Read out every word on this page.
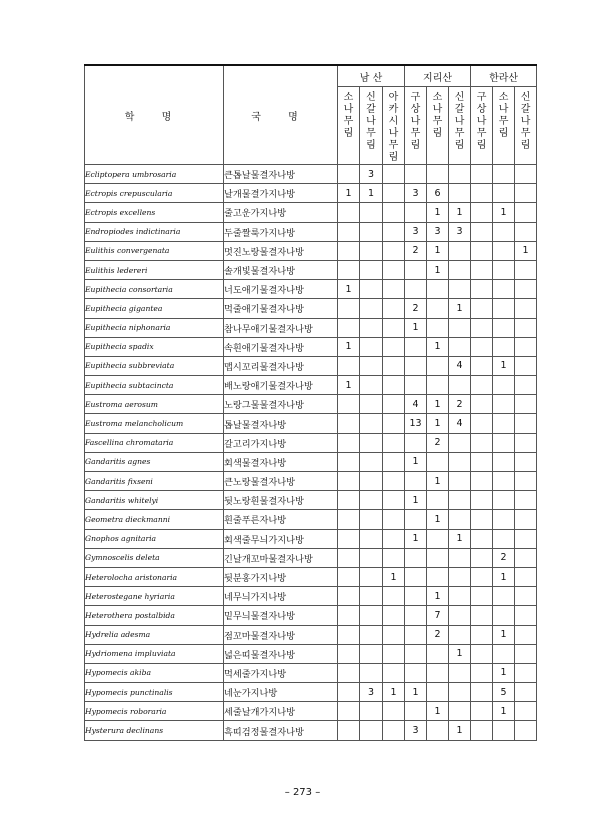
학 명	국 명	남 산			지리산			한라산		
		소나무림	신갈나무림	아카시나무림	구상나무림	소나무림	신갈나무림	구상나무림	소나무림	신갈나무림
Ecliptopera umbrosaria	큰톱날물결자나방		3							
Ectropis crepuscularia	날개물결가지나방	1	1		3	6				
Ectropis excellens	줄고운가지나방					1	1		1	
Endropiodes indictinaria	두줄짤룩가지나방				3	3	3			
Eulithis convergenata	멋진노랑물결자나방				2	1				1
Eulithis ledereri	솔개빛물결자나방					1				
Eupithecia consortaria	너도애기물결자나방	1								
Eupithecia gigantea	먹줄애기물결자나방				2		1			
Eupithecia niphonaria	참나무애기물결자나방				1					
Eupithecia spadix	속흰애기물결자나방	1				1				
Eupithecia subbreviata	맵시꼬리물결자나방						4		1	
Eupithecia subtacincta	배노랑애기물결자나방	1								
Eustroma aerosum	노랑그물물결자나방				4	1	2			
Eustroma melancholicum	톱날물결자나방				13	1	4			
Fascellina chromataria	갈고리가지나방					2				
Gandaritis agnes	회색물결자나방				1					
Gandaritis fixseni	큰노랑물결자나방					1				
Gandaritis whitelyi	뒷노랑흰물결자나방				1					
Geometra dieckmanni	흰줄푸른자나방					1				
Gnophos agnitaria	회색줄무늬가지나방				1		1			
Gymnoscelis deleta	긴날개꼬마물결자나방								2	
Heterolocha aristonaria	뒷분홍가지나방			1					1	
Heterostegane hyriaria	네무늬가지나방					1				
Heterothera postalbida	밑무늬물결자나방					7				
Hydrelia adesma	점꼬마물결자나방					2			1	
Hydriomena impluviata	넓은띠물결자나방						1			
Hypomecis akiba	먹세줄가지나방								1	
Hypomecis punctinalis	네눈가지나방		3	1	1				5	
Hypomecis roboraria	세줄날개가지나방					1			1	
Hysterura declinans	흑띠검정물결자나방				3		1			
– 273 –
